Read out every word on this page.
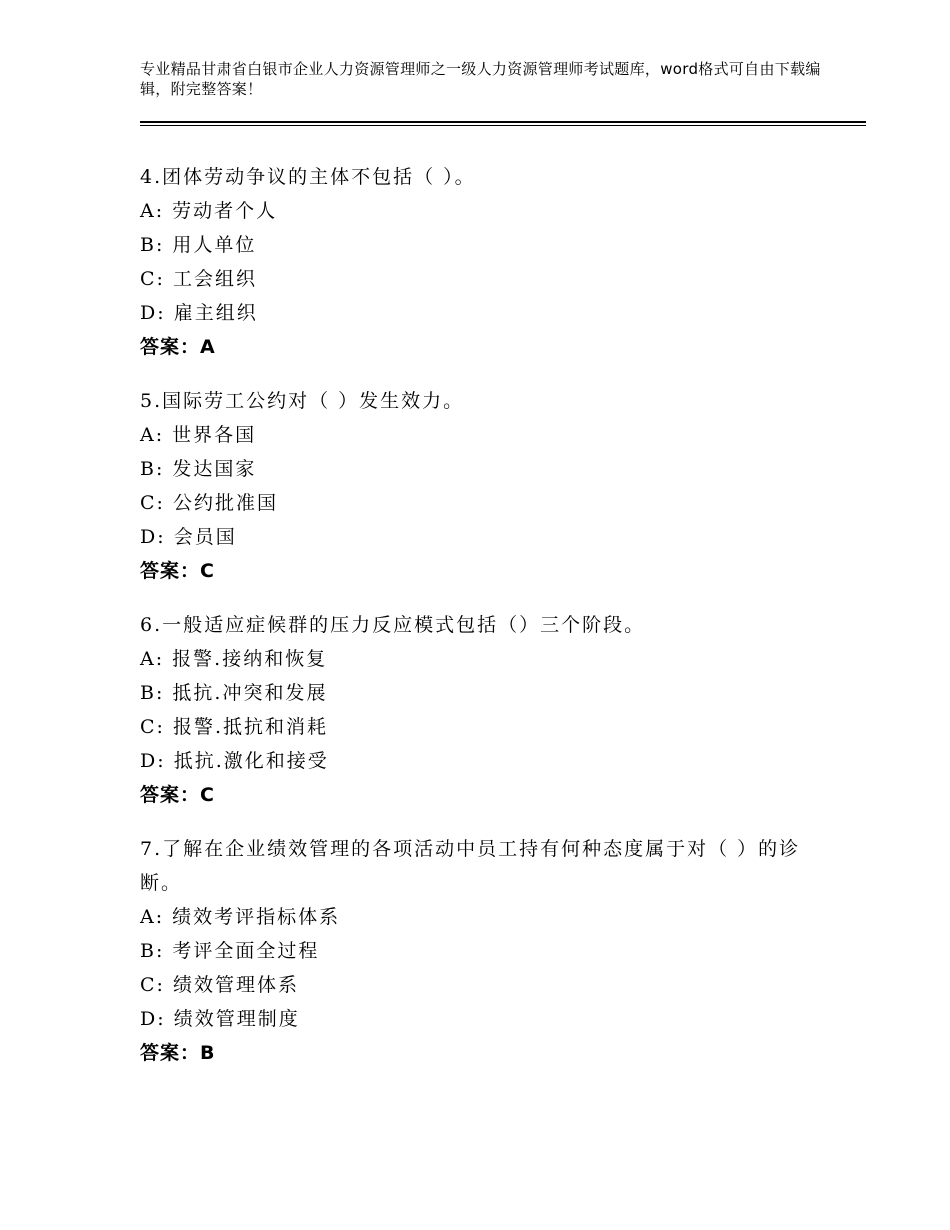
专业精品甘肃省白银市企业人力资源管理师之一级人力资源管理师考试题库，word格式可自由下载编辑，附完整答案！
4.团体劳动争议的主体不包括（ ）。
A: 劳动者个人
B: 用人单位
C: 工会组织
D: 雇主组织
答案：A
5.国际劳工公约对（ ）发生效力。
A: 世界各国
B: 发达国家
C: 公约批准国
D: 会员国
答案：C
6.一般适应症候群的压力反应模式包括（）三个阶段。
A: 报警.接纳和恢复
B: 抵抗.冲突和发展
C: 报警.抵抗和消耗
D: 抵抗.激化和接受
答案：C
7.了解在企业绩效管理的各项活动中员工持有何种态度属于对（ ）的诊断。
A: 绩效考评指标体系
B: 考评全面全过程
C: 绩效管理体系
D: 绩效管理制度
答案：B
